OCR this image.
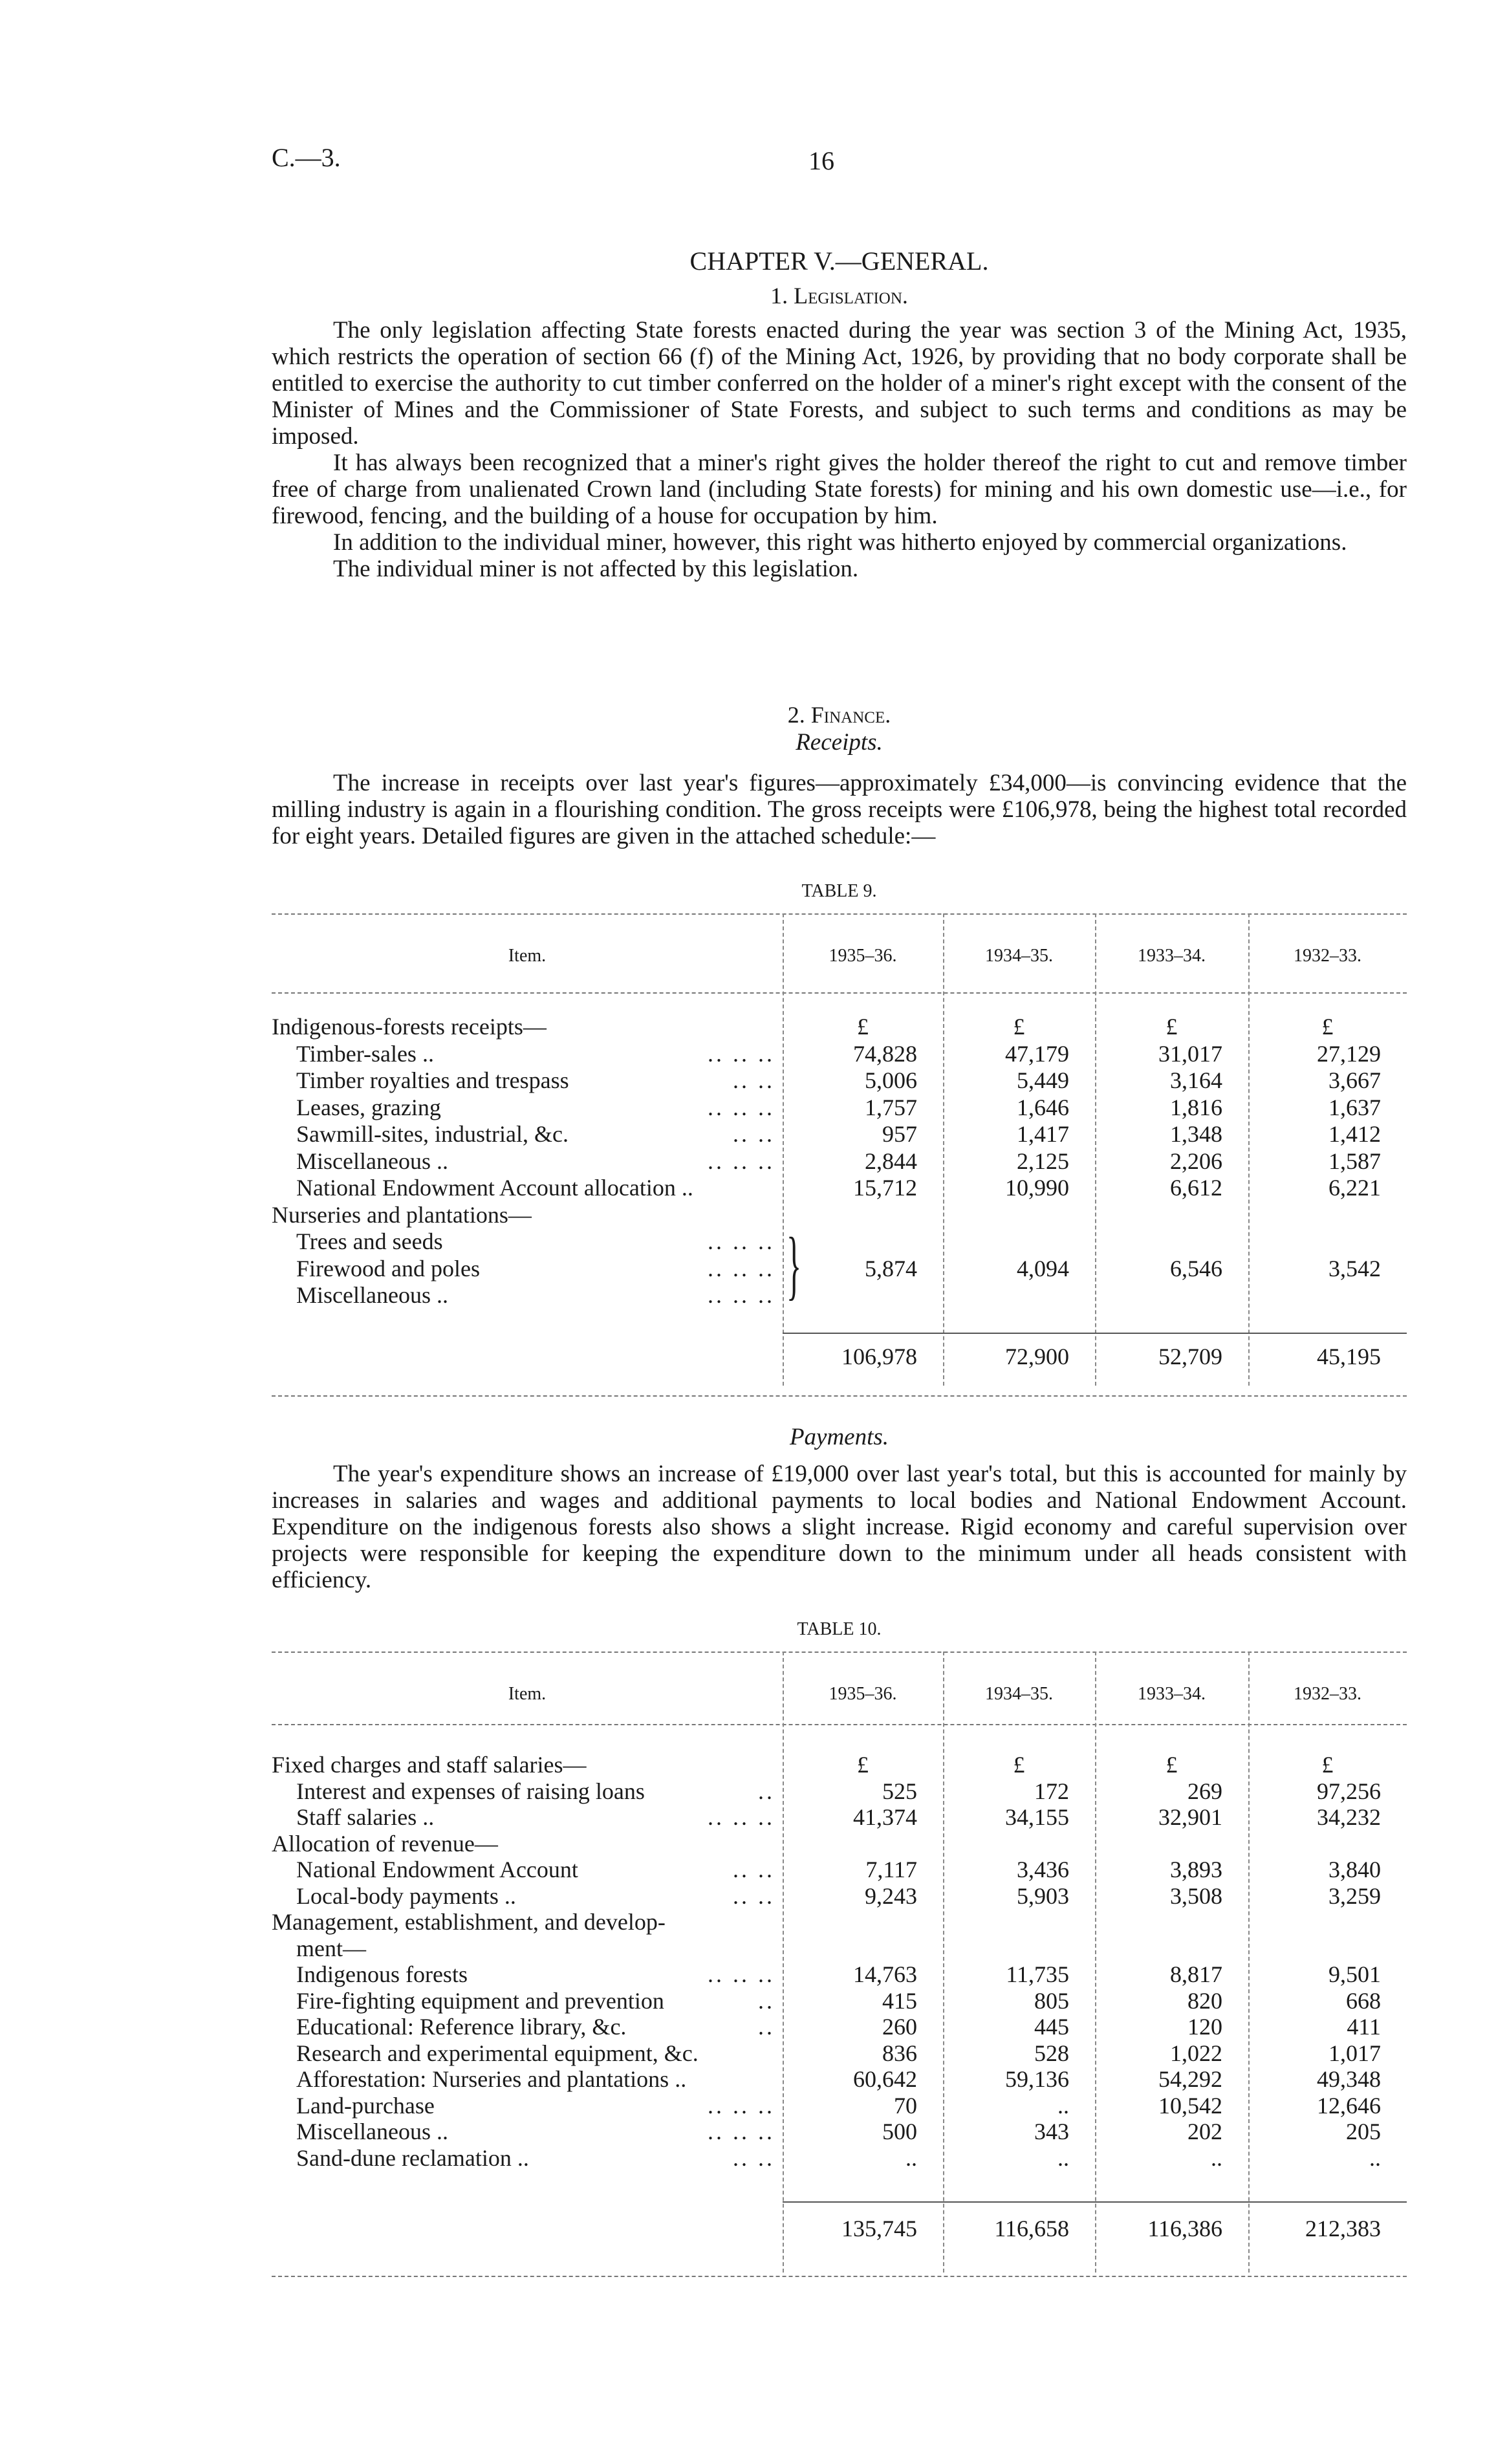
C.—3.	16
CHAPTER V.—GENERAL.
1. Legislation.

The only legislation affecting State forests enacted during the year was section 3 of the Mining Act, 1935, which restricts the operation of section 66 (f) of the Mining Act, 1926, by providing that no body corporate shall be entitled to exercise the authority to cut timber conferred on the holder of a miner's right except with the consent of the Minister of Mines and the Commissioner of State Forests, and subject to such terms and conditions as may be imposed.

It has always been recognized that a miner's right gives the holder thereof the right to cut and remove timber free of charge from unalienated Crown land (including State forests) for mining and his own domestic use—i.e., for firewood, fencing, and the building of a house for occupation by him.

In addition to the individual miner, however, this right was hitherto enjoyed by commercial organizations.

The individual miner is not affected by this legislation.

2. Finance.
Receipts.

The increase in receipts over last year's figures—approximately £34,000—is convincing evidence that the milling industry is again in a flourishing condition. The gross receipts were £106,978, being the highest total recorded for eight years. Detailed figures are given in the attached schedule:—

TABLE 9.
Item.	1935–36.	1934–35.	1933–34.	1932–33.
Indigenous-forests receipts—	£	£	£	£
Timber-sales ..	.. .. ..	74,828	47,179	31,017	27,129
Timber royalties and trespass	.. ..	5,006	5,449	3,164	3,667
Leases, grazing	.. .. ..	1,757	1,646	1,816	1,637
Sawmill-sites, industrial, &c.	.. ..	957	1,417	1,348	1,412
Miscellaneous ..	.. .. ..	2,844	2,125	2,206	1,587
National Endowment Account allocation ..	15,712	10,990	6,612	6,221
Nurseries and plantations—
Trees and seeds	.. .. .. }
Firewood and poles	.. .. ..	5,874	4,094	6,546	3,542
Miscellaneous ..	.. .. ..
106,978	72,900	52,709	45,195
Payments.

The year's expenditure shows an increase of £19,000 over last year's total, but this is accounted for mainly by increases in salaries and wages and additional payments to local bodies and National Endowment Account. Expenditure on the indigenous forests also shows a slight increase. Rigid economy and careful supervision over projects were responsible for keeping the expenditure down to the minimum under all heads consistent with efficiency.

TABLE 10.
Item.	1935–36.	1934–35.	1933–34.	1932–33.
Fixed charges and staff salaries—	£	£	£	£
Interest and expenses of raising loans	..	525	172	269	97,256
Staff salaries ..	.. .. ..	41,374	34,155	32,901	34,232
Allocation of revenue—
National Endowment Account	.. ..	7,117	3,436	3,893	3,840
Local-body payments ..	.. ..	9,243	5,903	3,508	3,259
Management, establishment, and develop-
ment—
Indigenous forests	.. .. ..	14,763	11,735	8,817	9,501
Fire-fighting equipment and prevention	..	415	805	820	668
Educational: Reference library, &c.	..	260	445	120	411
Research and experimental equipment, &c.	836	528	1,022	1,017
Afforestation: Nurseries and plantations ..	60,642	59,136	54,292	49,348
Land-purchase	.. .. ..	70	..	10,542	12,646
Miscellaneous ..	.. .. ..	500	343	202	205
Sand-dune reclamation ..	.. ..	..	..	..	..
135,745	116,658	116,386	212,383
